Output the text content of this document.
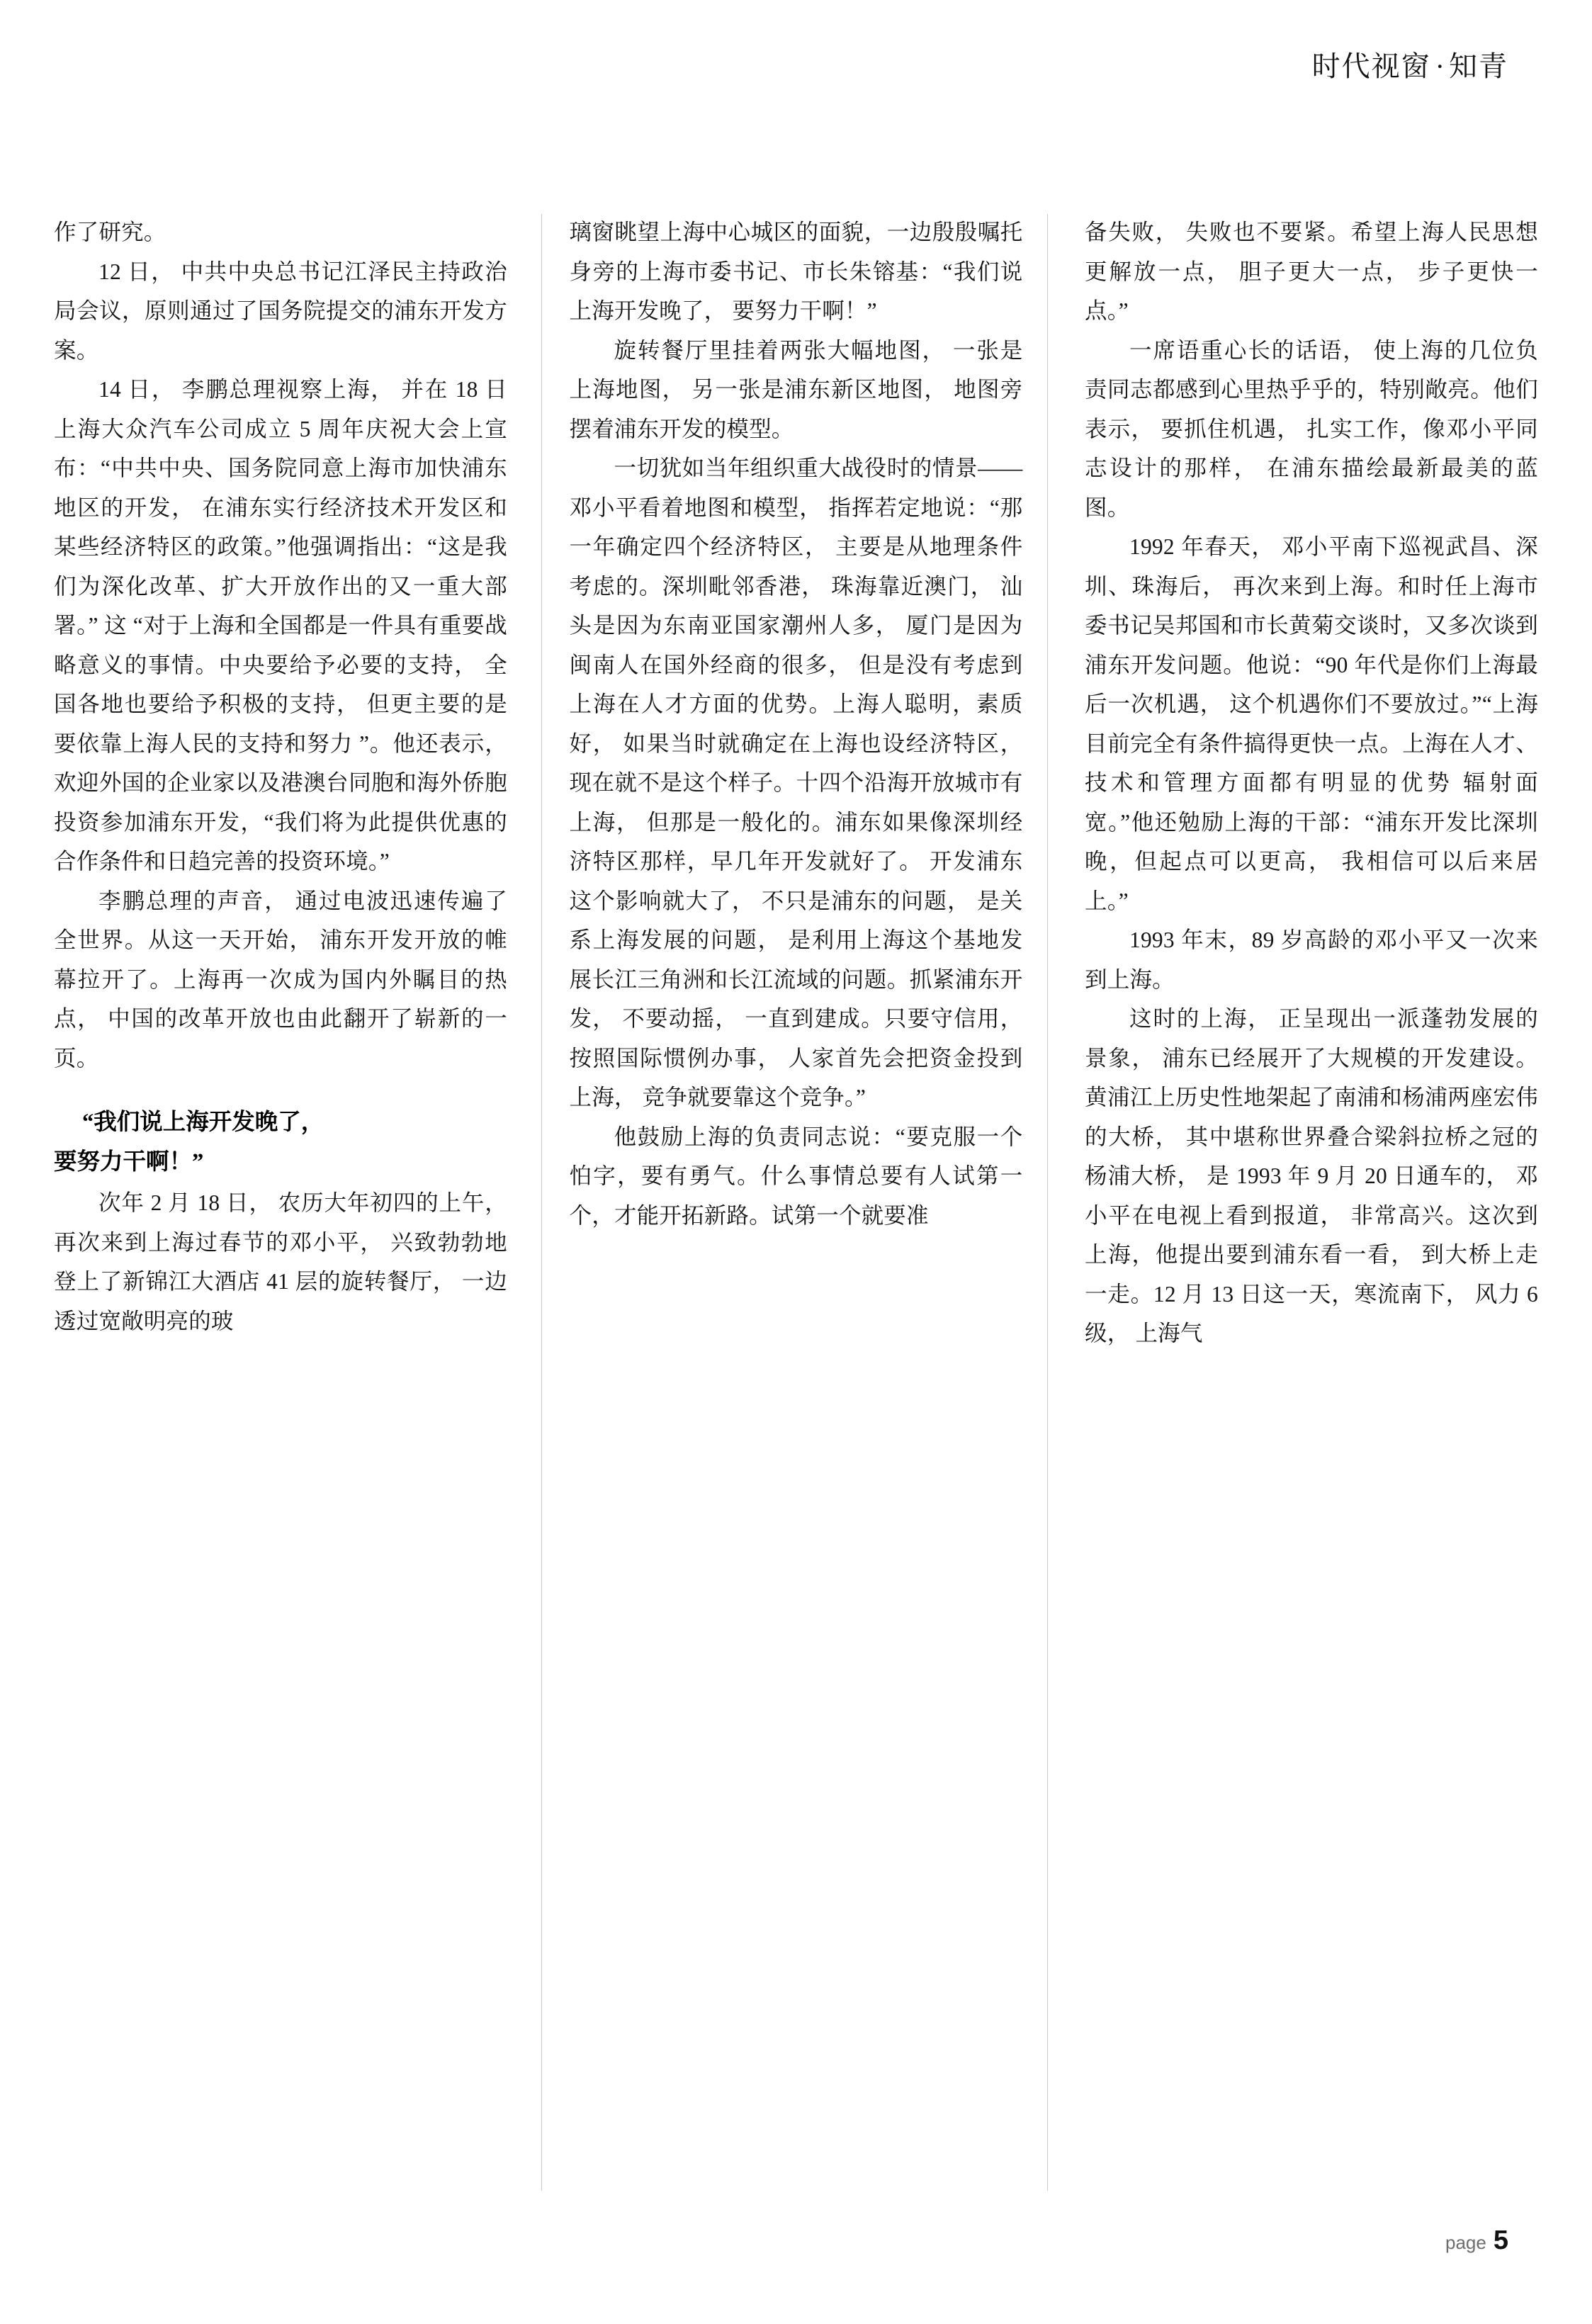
时代视窗 · 知青

作了研究。

12 日， 中共中央总书记江泽民主持政治局会议，原则通过了国务院提交的浦东开发方案。

14 日， 李鹏总理视察上海， 并在 18 日上海大众汽车公司成立 5 周年庆祝大会上宣布：“中共中央、国务院同意上海市加快浦东地区的开发， 在浦东实行经济技术开发区和某些经济特区的政策。”他强调指出：“这是我们为深化改革、扩大开放作出的又一重大部署。” 这 “对于上海和全国都是一件具有重要战略意义的事情。中央要给予必要的支持， 全国各地也要给予积极的支持， 但更主要的是要依靠上海人民的支持和努力 ”。他还表示， 欢迎外国的企业家以及港澳台同胞和海外侨胞投资参加浦东开发，“我们将为此提供优惠的合作条件和日趋完善的投资环境。”

李鹏总理的声音， 通过电波迅速传遍了全世界。从这一天开始， 浦东开发开放的帷幕拉开了。上海再一次成为国内外瞩目的热点， 中国的改革开放也由此翻开了崭新的一页。

“我们说上海开发晚了，
要努力干啊！”

次年 2 月 18 日， 农历大年初四的上午，再次来到上海过春节的邓小平， 兴致勃勃地登上了新锦江大酒店 41 层的旋转餐厅， 一边透过宽敞明亮的玻

璃窗眺望上海中心城区的面貌，一边殷殷嘱托身旁的上海市委书记、市长朱镕基：“我们说上海开发晚了， 要努力干啊！”

旋转餐厅里挂着两张大幅地图， 一张是上海地图， 另一张是浦东新区地图， 地图旁摆着浦东开发的模型。

一切犹如当年组织重大战役时的情景——邓小平看着地图和模型， 指挥若定地说：“那一年确定四个经济特区， 主要是从地理条件考虑的。深圳毗邻香港， 珠海靠近澳门， 汕头是因为东南亚国家潮州人多， 厦门是因为闽南人在国外经商的很多， 但是没有考虑到上海在人才方面的优势。上海人聪明，素质好， 如果当时就确定在上海也设经济特区， 现在就不是这个样子。十四个沿海开放城市有上海， 但那是一般化的。浦东如果像深圳经济特区那样，早几年开发就好了。 开发浦东这个影响就大了， 不只是浦东的问题， 是关系上海发展的问题， 是利用上海这个基地发展长江三角洲和长江流域的问题。抓紧浦东开发， 不要动摇， 一直到建成。只要守信用， 按照国际惯例办事， 人家首先会把资金投到上海， 竞争就要靠这个竞争。”

他鼓励上海的负责同志说：“要克服一个怕字，要有勇气。什么事情总要有人试第一个，才能开拓新路。试第一个就要准

备失败， 失败也不要紧。希望上海人民思想更解放一点， 胆子更大一点， 步子更快一点。”

一席语重心长的话语， 使上海的几位负责同志都感到心里热乎乎的，特别敞亮。他们表示， 要抓住机遇， 扎实工作，像邓小平同志设计的那样， 在浦东描绘最新最美的蓝图。

1992 年春天， 邓小平南下巡视武昌、深圳、珠海后， 再次来到上海。和时任上海市委书记吴邦国和市长黄菊交谈时，又多次谈到浦东开发问题。他说：“90 年代是你们上海最后一次机遇， 这个机遇你们不要放过。”“上海目前完全有条件搞得更快一点。上海在人才、技术和管理方面都有明显的优势 辐射面宽。”他还勉励上海的干部：“浦东开发比深圳晚，但起点可以更高， 我相信可以后来居上。”

1993 年末，89 岁高龄的邓小平又一次来到上海。

这时的上海， 正呈现出一派蓬勃发展的景象， 浦东已经展开了大规模的开发建设。黄浦江上历史性地架起了南浦和杨浦两座宏伟的大桥， 其中堪称世界叠合梁斜拉桥之冠的杨浦大桥， 是 1993 年 9 月 20 日通车的， 邓小平在电视上看到报道， 非常高兴。这次到上海，他提出要到浦东看一看， 到大桥上走一走。12 月 13 日这一天，寒流南下， 风力 6 级， 上海气

page 5
